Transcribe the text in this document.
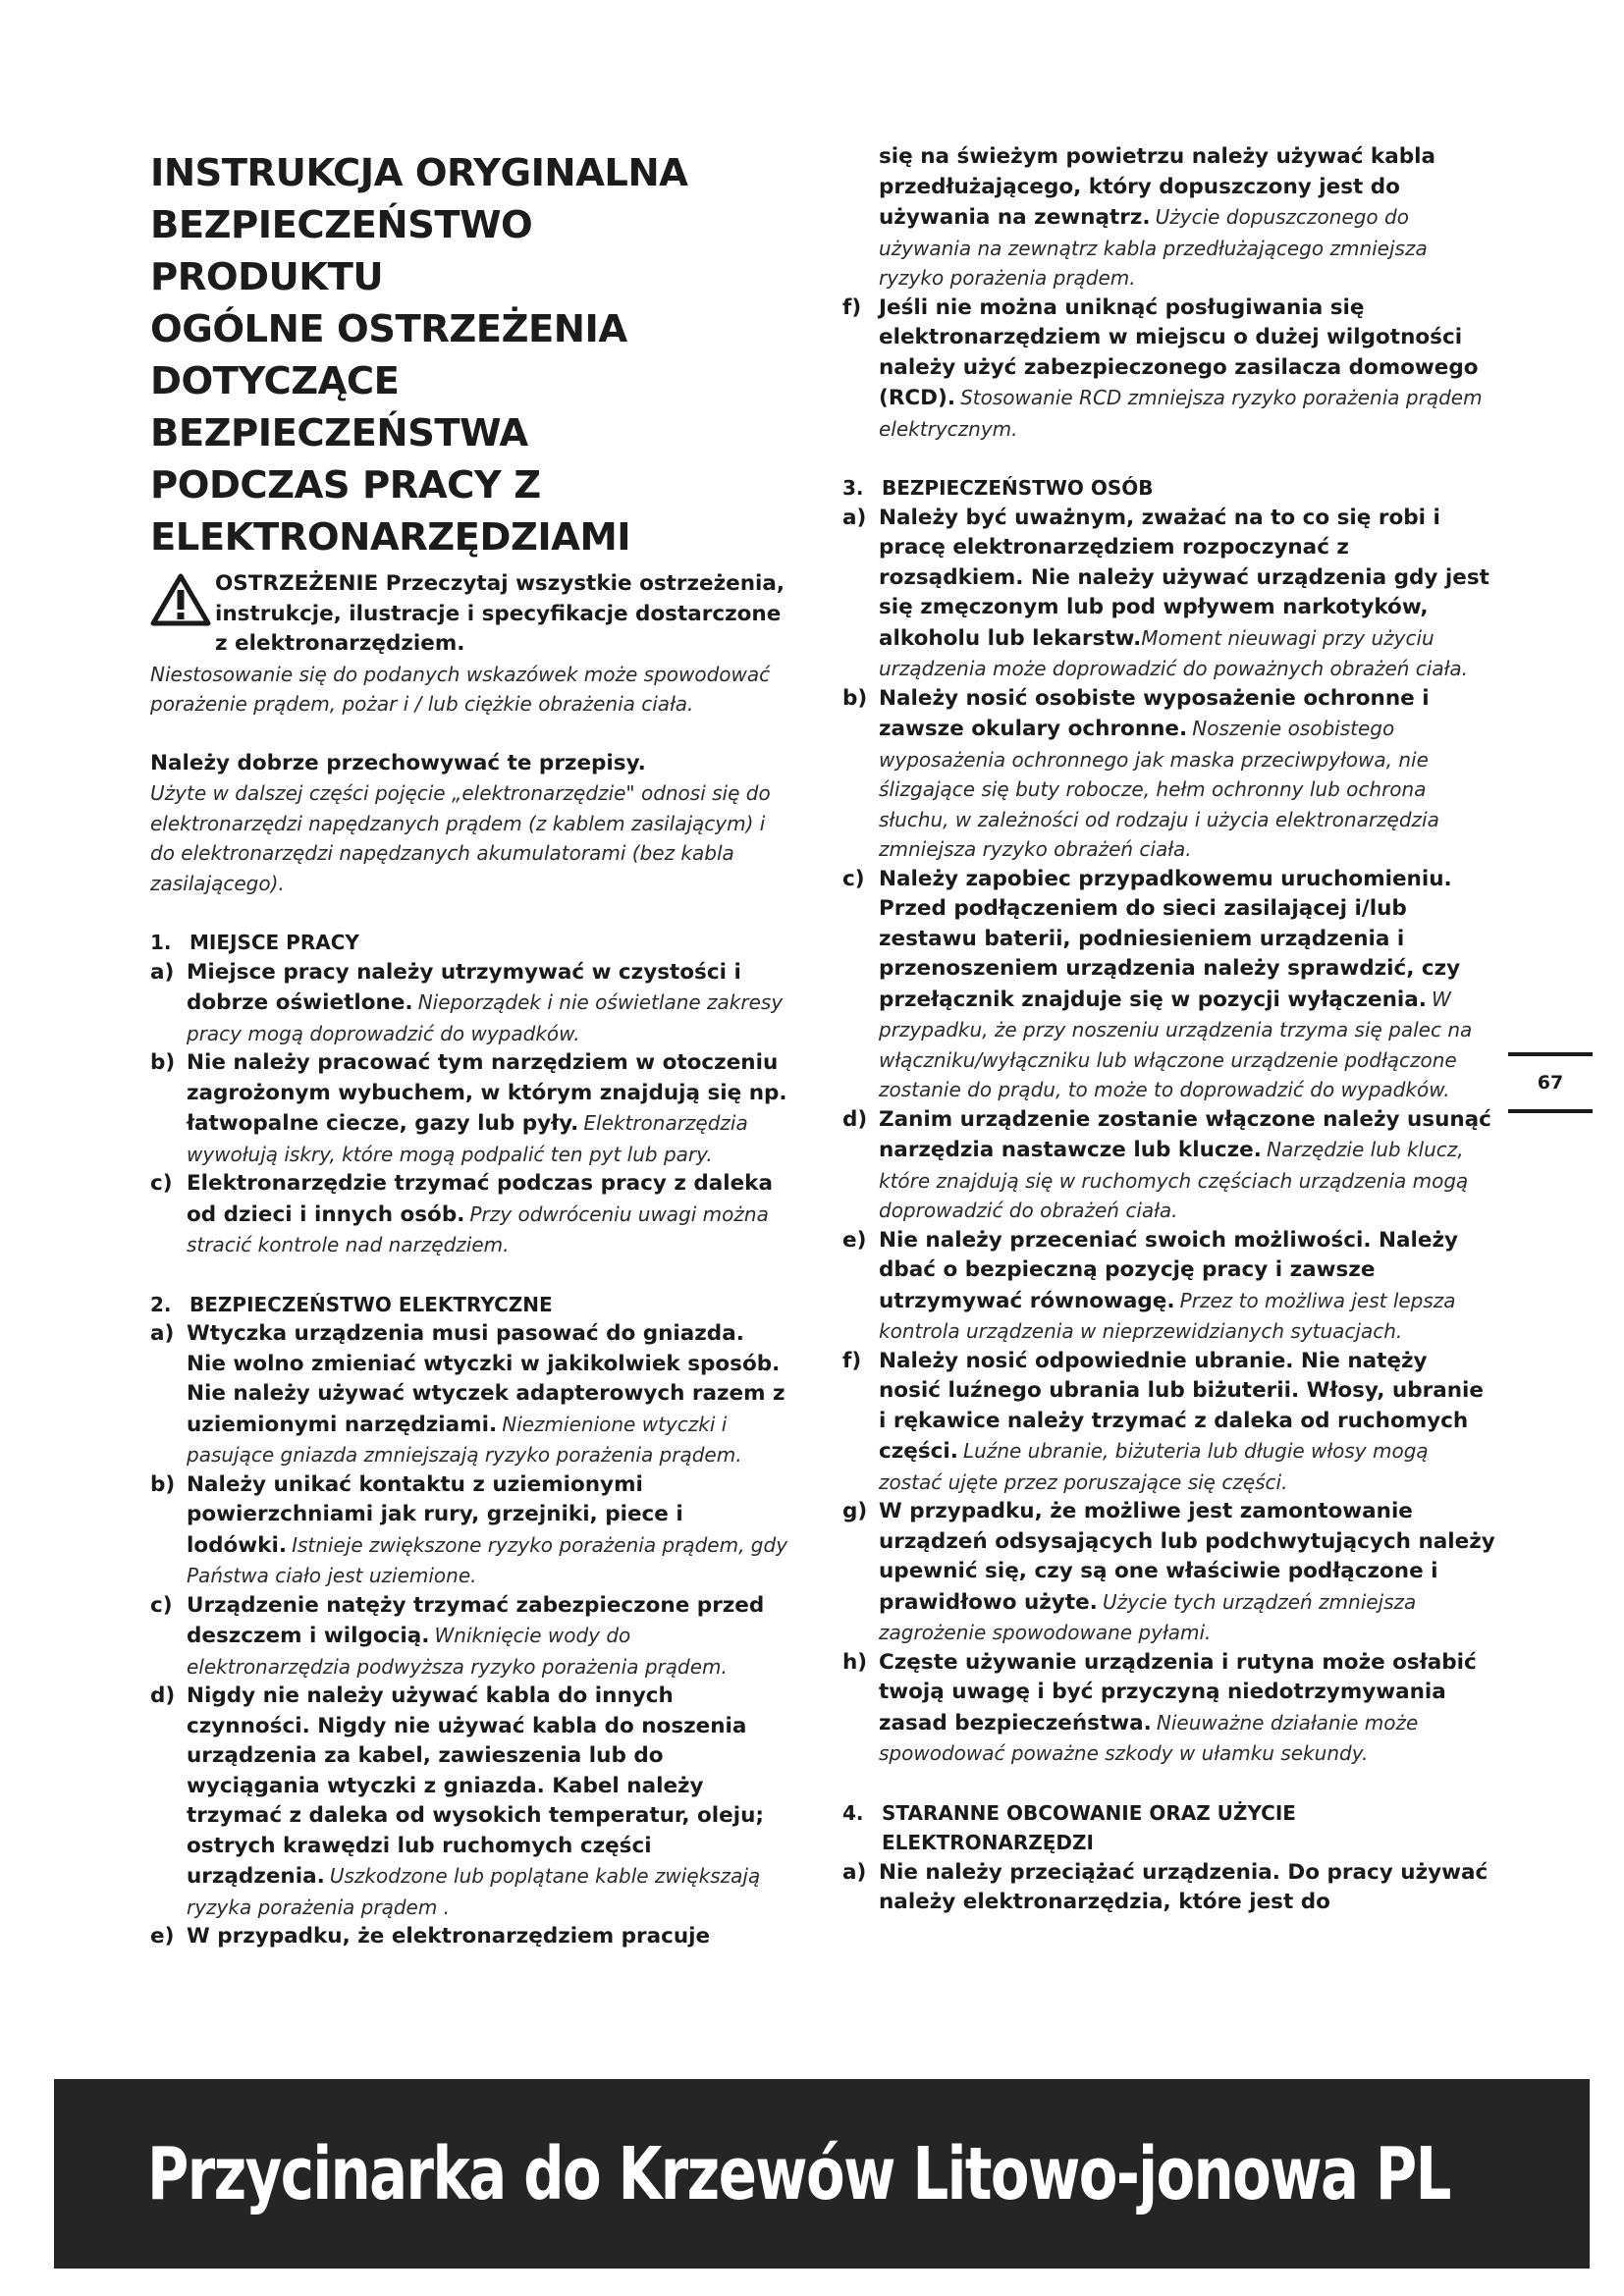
INSTRUKCJA ORYGINALNA

BEZPIECZEŃSTWO

PRODUKTU

OGÓLNE OSTRZEŻENIA

DOTYCZĄCE

BEZPIECZEŃSTWA

PODCZAS PRACY Z

ELEKTRONARZĘDZIAMI

OSTRZEŻENIE Przeczytaj wszystkie ostrzeżenia, instrukcje, ilustracje i specyfikacje dostarczone z elektronarzędziem.

Niestosowanie się do podanych wskazówek może spowodować porażenie prądem, pożar i / lub ciężkie obrażenia ciała.

Należy dobrze przechowywać te przepisy.
Użyte w dalszej części pojęcie „elektronarzędzie" odnosi się do elektronarzędzi napędzanych prądem (z kablem zasilającym) i do elektronarzędzi napędzanych akumulatorami (bez kabla zasilającego).

1. MIEJSCE PRACY

a) Miejsce pracy należy utrzymywać w czystości i dobrze oświetlone. Nieporządek i nie oświetlane zakresy pracy mogą doprowadzić do wypadków.
b) Nie należy pracować tym narzędziem w otoczeniu zagrożonym wybuchem, w którym znajdują się np. łatwopalne ciecze, gazy lub pyły. Elektronarzędzia wywołują iskry, które mogą podpalić ten pyt lub pary.
c) Elektronarzędzie trzymać podczas pracy z daleka od dzieci i innych osób. Przy odwróceniu uwagi można stracić kontrole nad narzędziem.

2. BEZPIECZEŃSTWO ELEKTRYCZNE

a) Wtyczka urządzenia musi pasować do gniazda. Nie wolno zmieniać wtyczki w jakikolwiek sposób. Nie należy używać wtyczek adapterowych razem z uziemionymi narzędziami. Niezmienione wtyczki i pasujące gniazda zmniejszają ryzyko porażenia prądem.
b) Należy unikać kontaktu z uziemionymi powierzchniami jak rury, grzejniki, piece i lodówki. Istnieje zwiększone ryzyko porażenia prądem, gdy Państwa ciało jest uziemione.
c) Urządzenie natęży trzymać zabezpieczone przed deszczem i wilgocią. Wniknięcie wody do elektronarzędzia podwyższa ryzyko porażenia prądem.
d) Nigdy nie należy używać kabla do innych czynności. Nigdy nie używać kabla do noszenia urządzenia za kabel, zawieszenia lub do wyciągania wtyczki z gniazda. Kabel należy trzymać z daleka od wysokich temperatur, oleju; ostrych krawędzi lub ruchomych części urządzenia. Uszkodzone lub poplątane kable zwiększają ryzyka porażenia prądem .
e) W przypadku, że elektronarzędziem pracuje
się na świeżym powietrzu należy używać kabla przedłużającego, który dopuszczony jest do używania na zewnątrz. Użycie dopuszczonego do używania na zewnątrz kabla przedłużającego zmniejsza ryzyko porażenia prądem.
f) Jeśli nie można uniknąć posługiwania się elektronarzędziem w miejscu o dużej wilgotności należy użyć zabezpieczonego zasilacza domowego (RCD). Stosowanie RCD zmniejsza ryzyko porażenia prądem elektrycznym.

3. BEZPIECZEŃSTWO OSÓB

a) Należy być uważnym, zważać na to co się robi i pracę elektronarzędziem rozpoczynać z rozsądkiem. Nie należy używać urządzenia gdy jest się zmęczonym lub pod wpływem narkotyków, alkoholu lub lekarstw.Moment nieuwagi przy użyciu urządzenia może doprowadzić do poważnych obrażeń ciała.
b) Należy nosić osobiste wyposażenie ochronne i zawsze okulary ochronne. Noszenie osobistego wyposażenia ochronnego jak maska przeciwpyłowa, nie ślizgające się buty robocze, hełm ochronny lub ochrona słuchu, w zależności od rodzaju i użycia elektronarzędzia zmniejsza ryzyko obrażeń ciała.
c) Należy zapobiec przypadkowemu uruchomieniu. Przed podłączeniem do sieci zasilającej i/lub zestawu baterii, podniesieniem urządzenia i przenoszeniem urządzenia należy sprawdzić, czy przełącznik znajduje się w pozycji wyłączenia. W przypadku, że przy noszeniu urządzenia trzyma się palec na włączniku/wyłączniku lub włączone urządzenie podłączone zostanie do prądu, to może to doprowadzić do wypadków.
d) Zanim urządzenie zostanie włączone należy usunąć narzędzia nastawcze lub klucze. Narzędzie lub klucz, które znajdują się w ruchomych częściach urządzenia mogą doprowadzić do obrażeń ciała.
e) Nie należy przeceniać swoich możliwości. Należy dbać o bezpieczną pozycję pracy i zawsze utrzymywać równowagę. Przez to możliwa jest lepsza kontrola urządzenia w nieprzewidzianych sytuacjach.
f) Należy nosić odpowiednie ubranie. Nie natęży nosić luźnego ubrania lub biżuterii. Włosy, ubranie i rękawice należy trzymać z daleka od ruchomych części. Luźne ubranie, biżuteria lub długie włosy mogą zostać ujęte przez poruszające się części.
g) W przypadku, że możliwe jest zamontowanie urządzeń odsysających lub podchwytujących należy upewnić się, czy są one właściwie podłączone i prawidłowo użyte. Użycie tych urządzeń zmniejsza zagrożenie spowodowane pyłami.
h) Częste używanie urządzenia i rutyna może osłabić twoją uwagę i być przyczyną niedotrzymywania zasad bezpieczeństwa. Nieuważne działanie może spowodować poważne szkody w ułamku sekundy.

4. STARANNE OBCOWANIE ORAZ UŻYCIE ELEKTRONARZĘDZI

a) Nie należy przeciążać urządzenia. Do pracy używać należy elektronarzędzia, które jest do
67
Przycinarka do Krzewów Litowo-jonowa PL
